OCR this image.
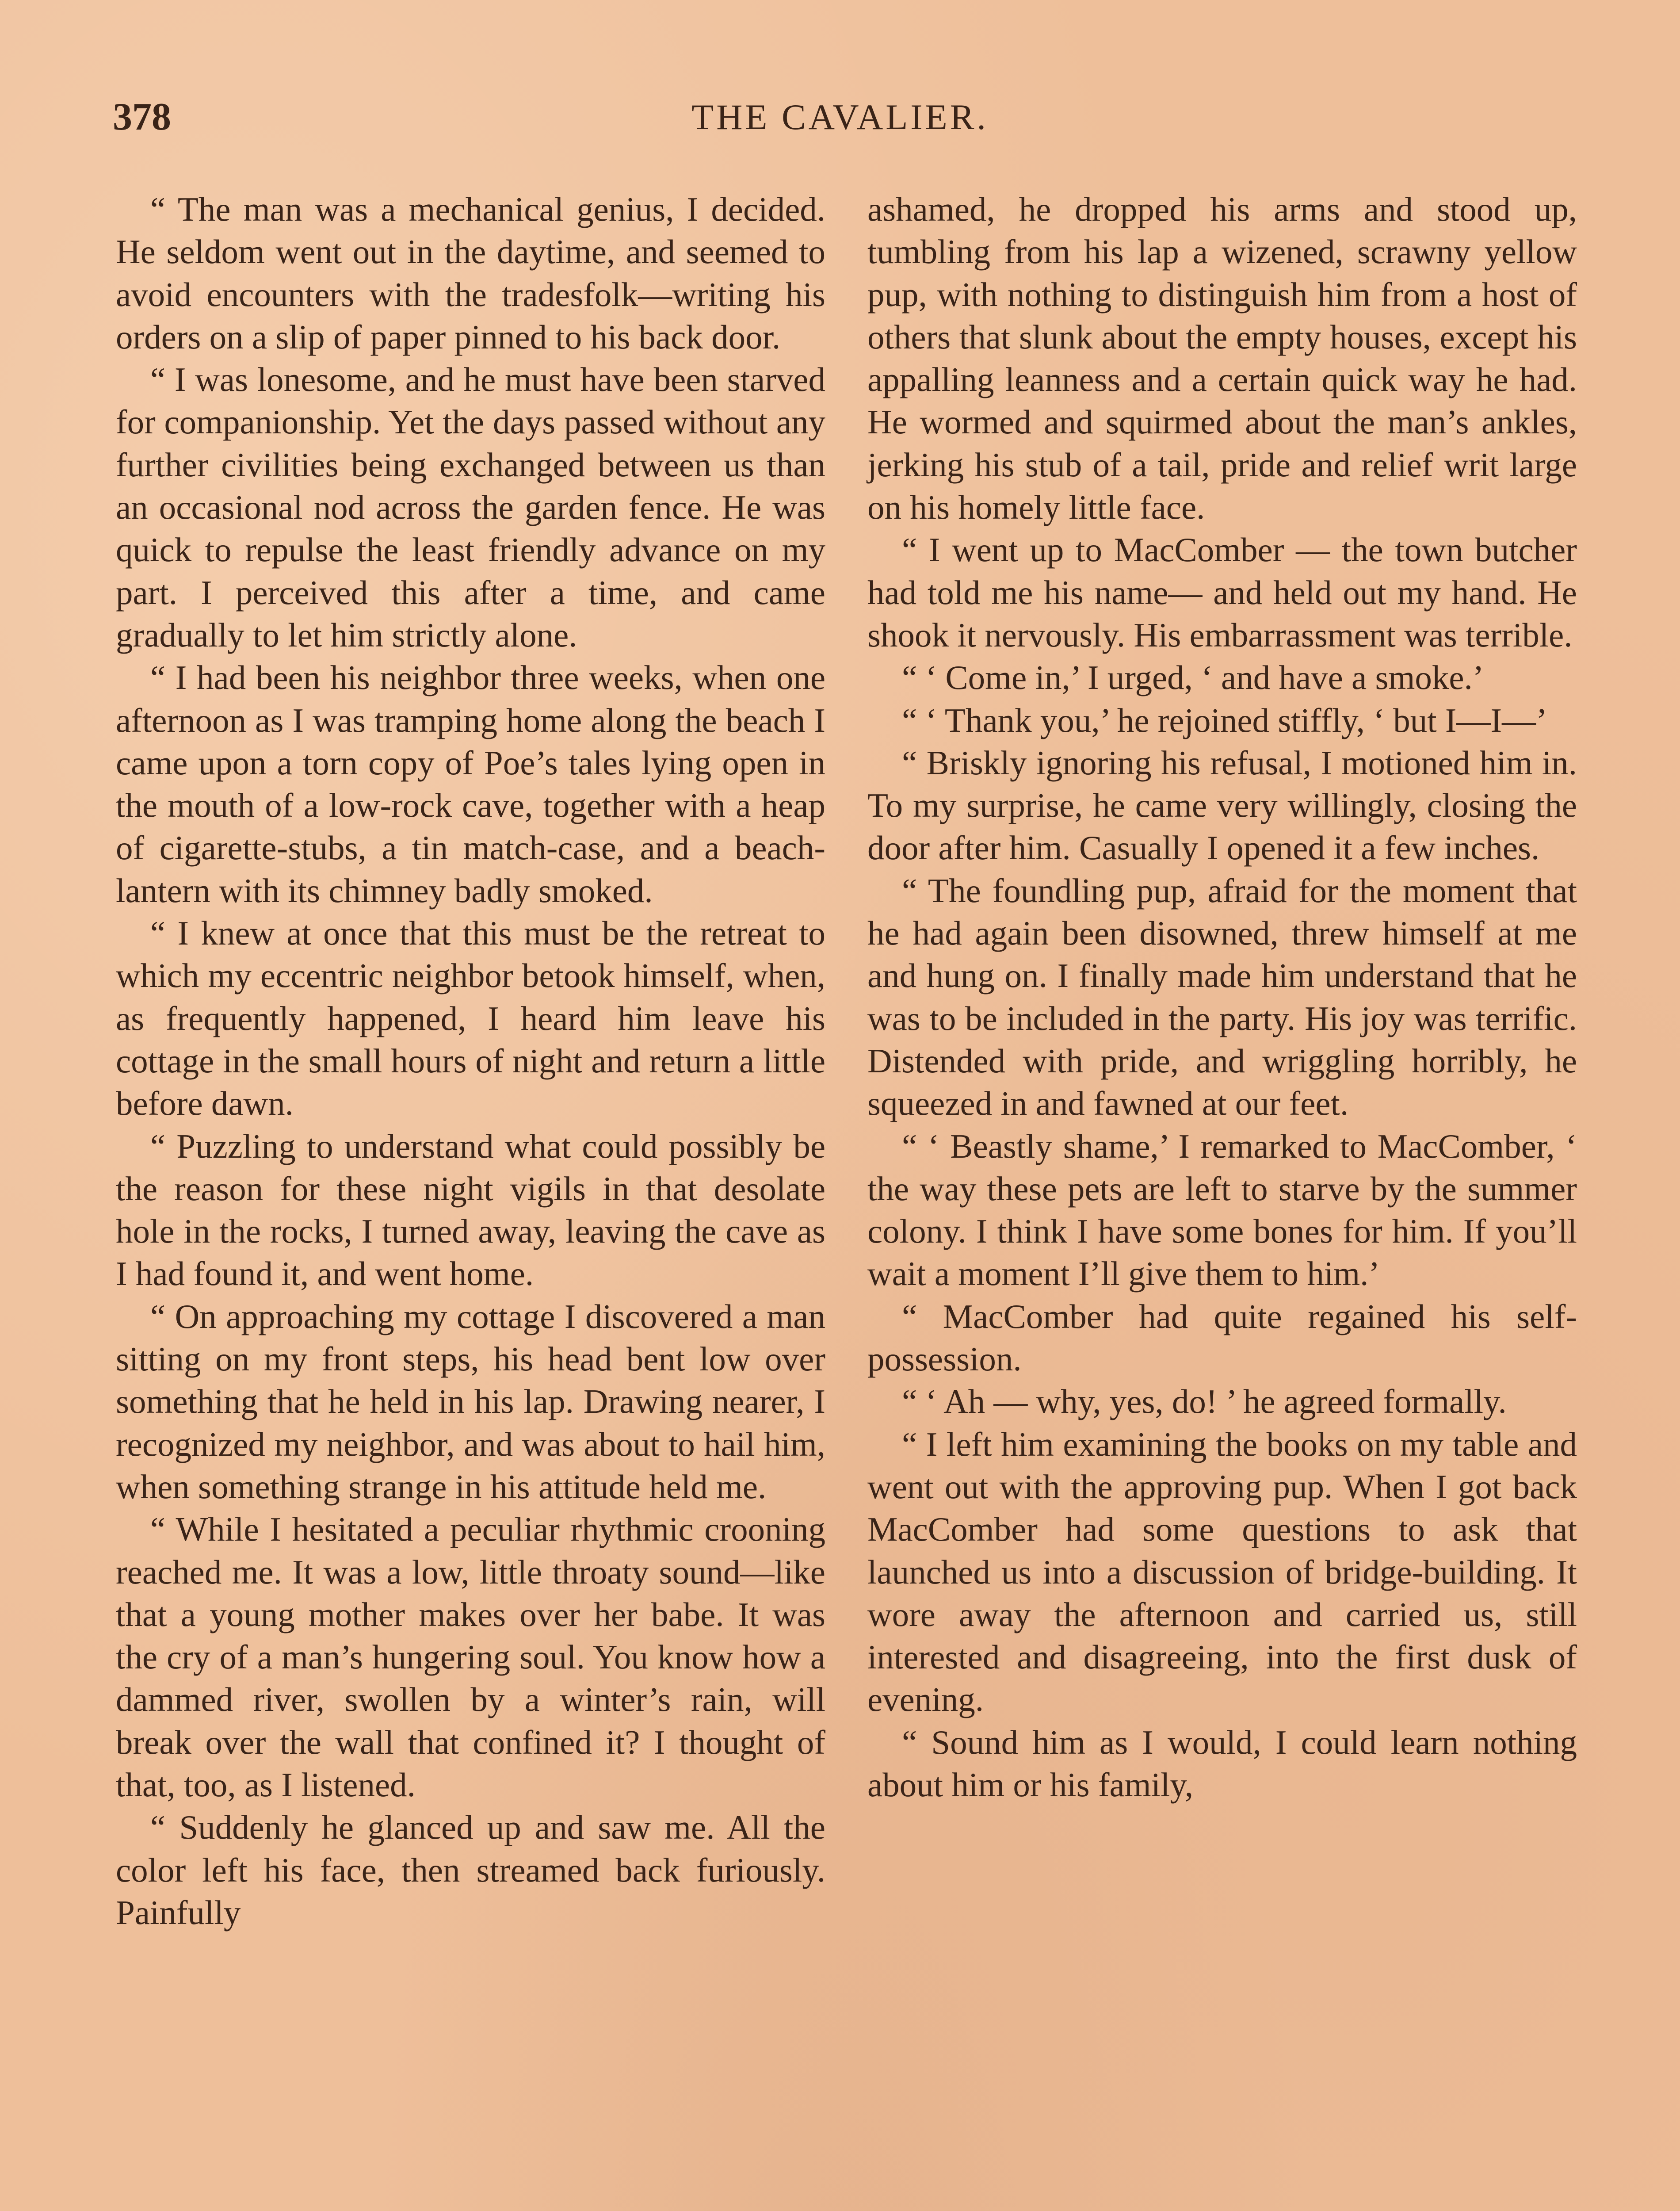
378	THE CAVALIER.

“ The man was a mechanical genius, I decided. He seldom went out in the daytime, and seemed to avoid encounters with the tradesfolk—writing his orders on a slip of paper pinned to his back door.

“ I was lonesome, and he must have been starved for companionship. Yet the days passed without any further civilities being exchanged between us than an occasional nod across the garden fence. He was quick to repulse the least friendly advance on my part. I perceived this after a time, and came gradually to let him strictly alone.

“ I had been his neighbor three weeks, when one afternoon as I was tramping home along the beach I came upon a torn copy of Poe’s tales lying open in the mouth of a low-rock cave, together with a heap of cigarette-stubs, a tin match-case, and a beach-lantern with its chimney badly smoked.

“ I knew at once that this must be the retreat to which my eccentric neighbor betook himself, when, as frequently happened, I heard him leave his cottage in the small hours of night and return a little before dawn.

“ Puzzling to understand what could possibly be the reason for these night vigils in that desolate hole in the rocks, I turned away, leaving the cave as I had found it, and went home.

“ On approaching my cottage I discovered a man sitting on my front steps, his head bent low over something that he held in his lap. Drawing nearer, I recognized my neighbor, and was about to hail him, when something strange in his attitude held me.

“ While I hesitated a peculiar rhythmic crooning reached me. It was a low, little throaty sound—like that a young mother makes over her babe. It was the cry of a man’s hungering soul. You know how a dammed river, swollen by a winter’s rain, will break over the wall that confined it? I thought of that, too, as I listened.

“ Suddenly he glanced up and saw me. All the color left his face, then streamed back furiously. Painfully

ashamed, he dropped his arms and stood up, tumbling from his lap a wizened, scrawny yellow pup, with nothing to distinguish him from a host of others that slunk about the empty houses, except his appalling leanness and a certain quick way he had. He wormed and squirmed about the man’s ankles, jerking his stub of a tail, pride and relief writ large on his homely little face.

“ I went up to MacComber — the town butcher had told me his name— and held out my hand. He shook it nervously. His embarrassment was terrible.

“ ‘ Come in,’ I urged, ‘ and have a smoke.’

“ ‘ Thank you,’ he rejoined stiffly, ‘ but I—I—’

“ Briskly ignoring his refusal, I motioned him in. To my surprise, he came very willingly, closing the door after him. Casually I opened it a few inches.

“ The foundling pup, afraid for the moment that he had again been disowned, threw himself at me and hung on. I finally made him understand that he was to be included in the party. His joy was terrific. Distended with pride, and wriggling horribly, he squeezed in and fawned at our feet.

“ ‘ Beastly shame,’ I remarked to MacComber, ‘ the way these pets are left to starve by the summer colony. I think I have some bones for him. If you’ll wait a moment I’ll give them to him.’

“ MacComber had quite regained his self-possession.

“ ‘ Ah — why, yes, do! ’ he agreed formally.

“ I left him examining the books on my table and went out with the approving pup. When I got back MacComber had some questions to ask that launched us into a discussion of bridge-building. It wore away the afternoon and carried us, still interested and disagreeing, into the first dusk of evening.

“ Sound him as I would, I could learn nothing about him or his family,
